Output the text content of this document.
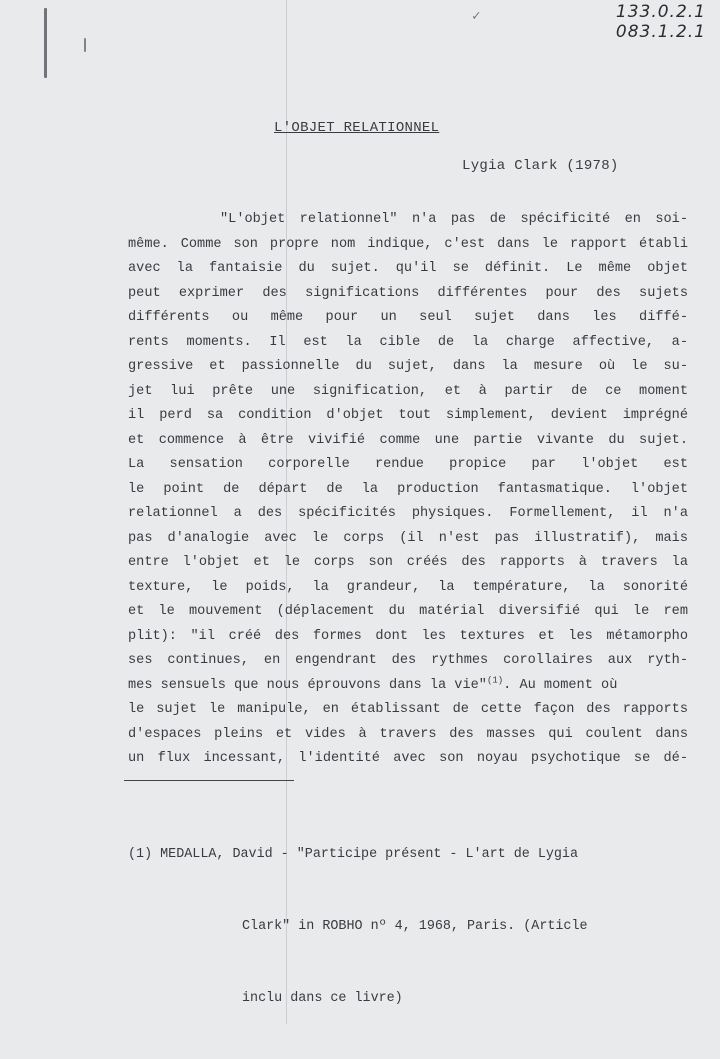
✓	133.0.2.1
083.1.2.1
L'OBJET RELATIONNEL
Lygia Clark (1978)
"L'objet relationnel" n'a pas de spécificité en soi-
même. Comme son propre nom indique, c'est dans le rapport établi
avec la fantaisie du sujet. qu'il se définit. Le même objet
peut exprimer des significations différentes pour des sujets
différents ou même pour un seul sujet dans les diffé-
rents moments. Il est la cible de la charge affective, a-
gressive et passionnelle du sujet, dans la mesure où le su-
jet lui prête une signification, et à partir de ce moment
il perd sa condition d'objet tout simplement, devient imprégné
et commence à être vivifié comme une partie vivante du sujet.
La sensation corporelle rendue propice par l'objet est
le point de départ de la production fantasmatique. l'objet
relationnel a des spécificités physiques. Formellement, il n'a
pas d'analogie avec le corps (il n'est pas illustratif), mais
entre l'objet et le corps son créés des rapports à travers la
texture, le poids, la grandeur, la température, la sonorité
et le mouvement (déplacement du matérial diversifié qui le rem
plit): "il créé des formes dont les textures et les métamorpho
ses continues, en engendrant des rythmes corollaires aux ryth-
mes sensuels que nous éprouvons dans la vie"$^{(1)}$. Au moment où
le sujet le manipule, en établissant de cette façon des rapports
d'espaces pleins et vides à travers des masses qui coulent dans
un flux incessant, l'identité avec son noyau psychotique se dé-

(1) MEDALLA, David - "Participe présent - L'art de Lygia

Clark" in ROBHO nº 4, 1968, Paris. (Article

inclu dans ce livre)
